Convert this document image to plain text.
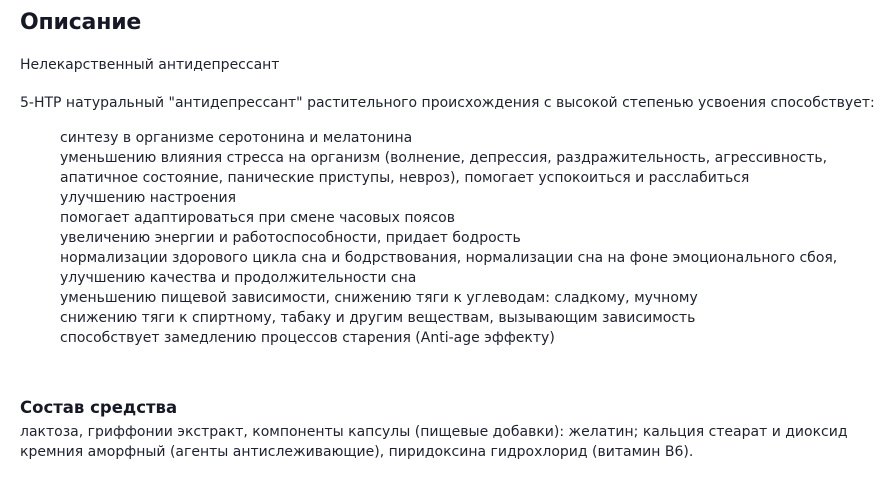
Описание

Нелекарственный антидепрессант

5-HTP натуральный "антидепрессант" растительного происхождения с высокой степенью усвоения способствует:

синтезу в организме серотонина и мелатонина
уменьшению влияния стресса на организм (волнение, депрессия, раздражительность, агрессивность, апатичное состояние, панические приступы, невроз), помогает успокоиться и расслабиться
улучшению настроения
помогает адаптироваться при смене часовых поясов
увеличению энергии и работоспособности, придает бодрость
нормализации здорового цикла сна и бодрствования, нормализации сна на фоне эмоционального сбоя, улучшению качества и продолжительности сна
уменьшению пищевой зависимости, снижению тяги к углеводам: сладкому, мучному
снижению тяги к спиртному, табаку и другим веществам, вызывающим зависимость
способствует замедлению процессов старения (Anti-age эффекту)
Состав средства

лактоза, гриффонии экстракт, компоненты капсулы (пищевые добавки): желатин; кальция стеарат и диоксид кремния аморфный (агенты антислеживающие), пиридоксина гидрохлорид (витамин B6).
